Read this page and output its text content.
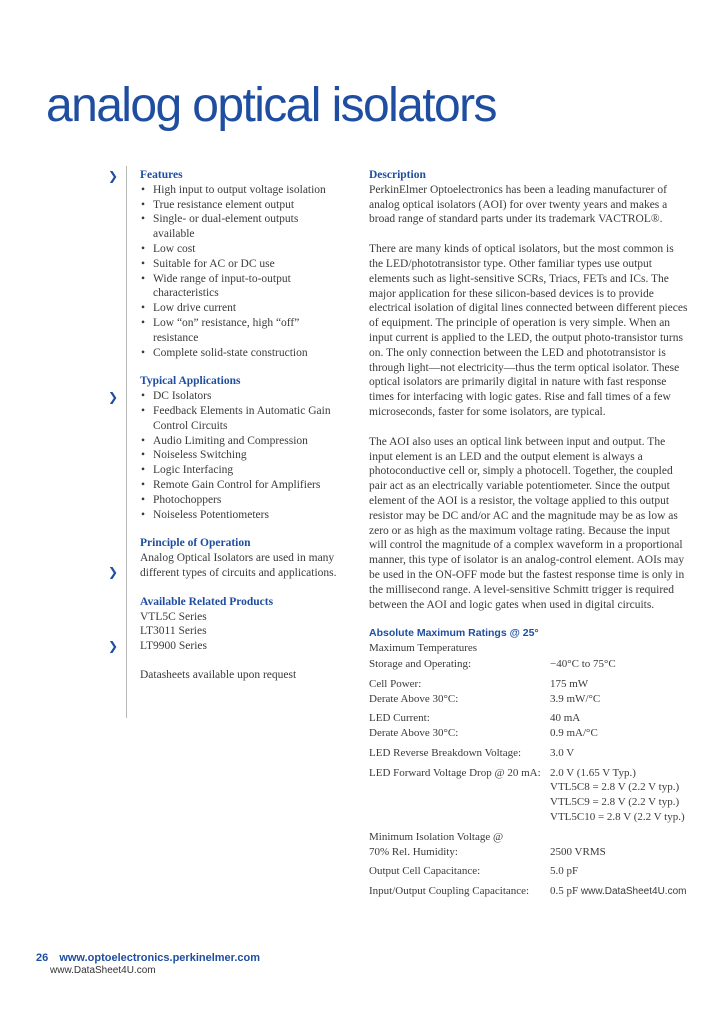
analog optical isolators
❯
❯
❯
❯
Features
• High input to output voltage isolation
• True resistance element output
• Single- or dual-element outputs available
• Low cost
• Suitable for AC or DC use
• Wide range of input-to-output characteristics
• Low drive current
• Low “on” resistance, high “off” resistance
• Complete solid-state construction
Typical Applications
• DC Isolators
• Feedback Elements in Automatic Gain Control Circuits
• Audio Limiting and Compression
• Noiseless Switching
• Logic Interfacing
• Remote Gain Control for Amplifiers
• Photochoppers
• Noiseless Potentiometers
Principle of Operation

Analog Optical Isolators are used in many different types of circuits and applications.

Available Related Products
VTL5C Series
LT3011 Series
LT9900 Series

Datasheets available upon request

Description

PerkinElmer Optoelectronics has been a leading manufacturer of analog optical isolators (AOI) for over twenty years and makes a broad range of standard parts under its trademark VACTROL®.

There are many kinds of optical isolators, but the most common is the LED/phototransistor type. Other familiar types use output elements such as light-sensitive SCRs, Triacs, FETs and ICs. The major application for these silicon-based devices is to provide electrical isolation of digital lines connected between different pieces of equipment. The principle of operation is very simple. When an input current is applied to the LED, the output photo-transistor turns on. The only connection between the LED and phototransistor is through light—not electricity—thus the term optical isolator. These optical isolators are primarily digital in nature with fast response times for interfacing with logic gates. Rise and fall times of a few microseconds, faster for some isolators, are typical.

The AOI also uses an optical link between input and output. The input element is an LED and the output element is always a photoconductive cell or, simply a photocell. Together, the coupled pair act as an electrically variable potentiometer. Since the output element of the AOI is a resistor, the voltage applied to this output resistor may be DC and/or AC and the magnitude may be as low as zero or as high as the maximum voltage rating. Because the input will control the magnitude of a complex waveform in a proportional manner, this type of isolator is an analog-control element. AOIs may be used in the ON-OFF mode but the fastest response time is only in the millisecond range. A level-sensitive Schmitt trigger is required between the AOI and logic gates when used in digital circuits.

Absolute Maximum Ratings @ 25°

Maximum Temperatures

Storage and Operating:	−40°C to 75°C

Cell Power:	175 mW
Derate Above 30°C:	3.9 mW/°C

LED Current:	40 mA
Derate Above 30°C:	0.9 mA/°C

LED Reverse Breakdown Voltage:	3.0 V

LED Forward Voltage Drop @ 20 mA:	2.0 V (1.65 V Typ.)
	VTL5C8 = 2.8 V (2.2 V typ.)
	VTL5C9 = 2.8 V (2.2 V typ.)
	VTL5C10 = 2.8 V (2.2 V typ.)

Minimum Isolation Voltage @	
70% Rel. Humidity:	2500 VRMS

Output Cell Capacitance:	5.0 pF

Input/Output Coupling Capacitance:	0.5 pF www.DataSheet4U.com
26 www.optoelectronics.perkinelmer.com
www.DataSheet4U.com
